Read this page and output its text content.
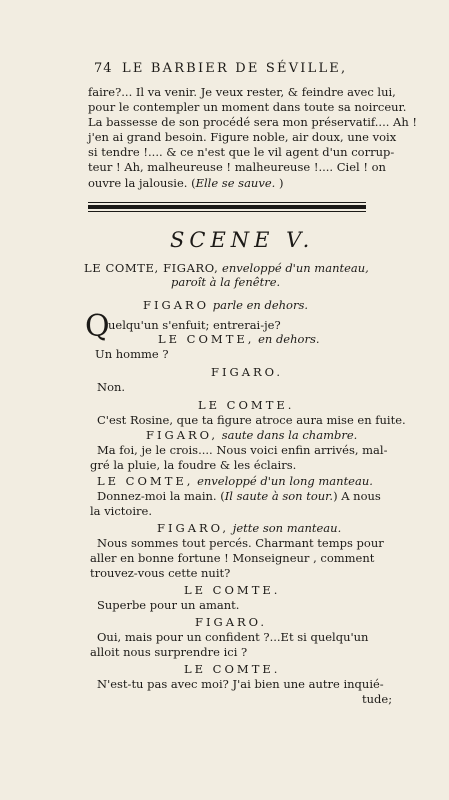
74 LE BARBIER DE SÉVILLE,
faire?... Il va venir. Je veux rester, & feindre avec lui,
pour le contempler un moment dans toute sa noirceur.
La bassesse de son procédé sera mon préservatif.... Ah !
j'en ai grand besoin. Figure noble, air doux, une voix
si tendre !.... & ce n'est que le vil agent d'un corrup-
teur ! Ah, malheureuse ! malheureuse !.... Ciel ! on
ouvre la jalousie. (Elle se sauve. )
SCENE V.
LE COMTE, FIGARO, enveloppé d'un manteau,
paroît à la fenêtre.
FIGARO parle en dehors.
Q
uelqu'un s'enfuit; entrerai-je?
LE COMTE, en dehors.
Un homme ?
FIGARO.
Non.
LE COMTE.
C'est Rosine, que ta figure atroce aura mise en fuite.
FIGARO, saute dans la chambre.
Ma foi, je le crois.... Nous voici enfin arrivés, mal-
gré la pluie, la foudre & les éclairs.
LE COMTE, enveloppé d'un long manteau.
Donnez-moi la main. (Il saute à son tour.) A nous
la victoire.
FIGARO, jette son manteau.
Nous sommes tout percés. Charmant temps pour
aller en bonne fortune ! Monseigneur , comment
trouvez-vous cette nuit?
LE COMTE.
Superbe pour un amant.
FIGARO.
Oui, mais pour un confident ?...Et si quelqu'un
alloit nous surprendre ici ?
LE COMTE.
N'est-tu pas avec moi? J'ai bien une autre inquié-
tude;
